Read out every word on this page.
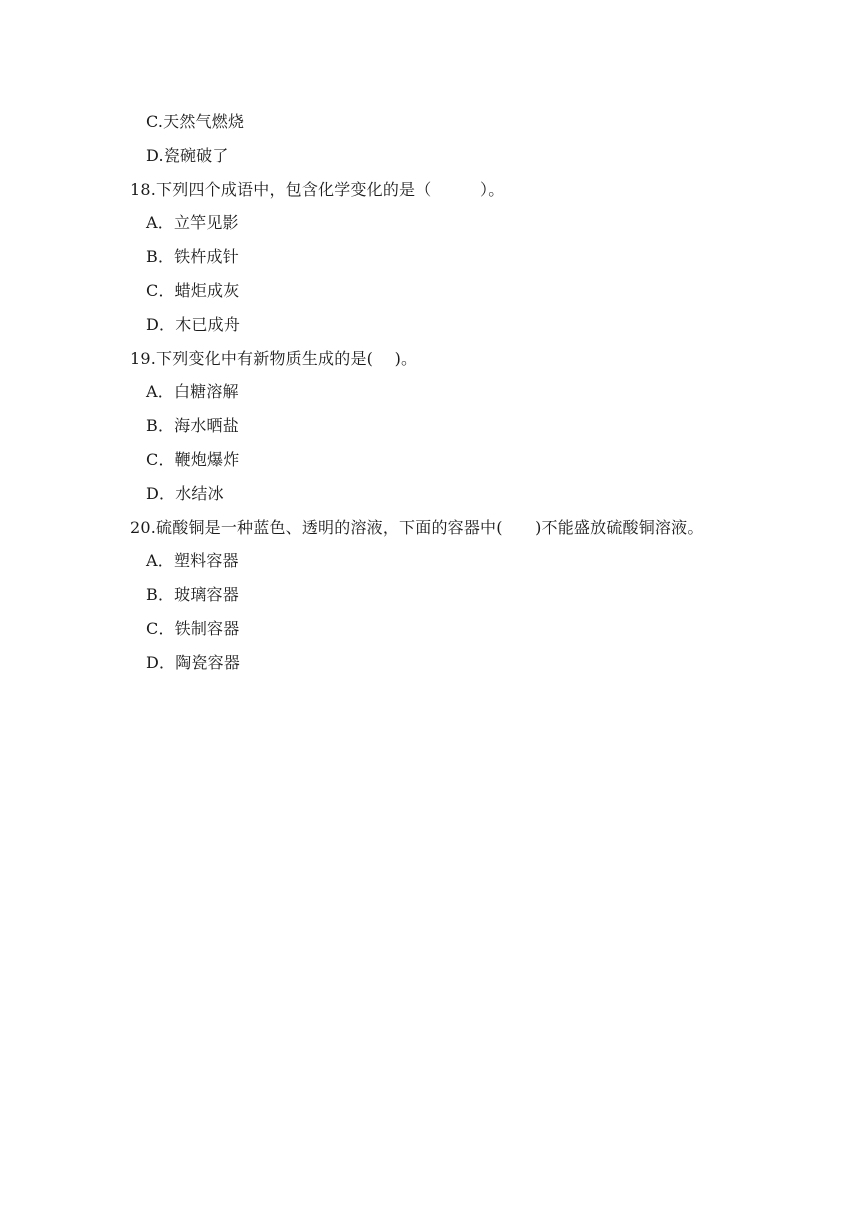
C.天然气燃烧
D.瓷碗破了
18.下列四个成语中，包含化学变化的是（　　　）。
A．立竿见影
B．铁杵成针
C．蜡炬成灰
D．木已成舟
19.下列变化中有新物质生成的是(　 )。
A．白糖溶解
B．海水晒盐
C．鞭炮爆炸
D．水结冰
20.硫酸铜是一种蓝色、透明的溶液，下面的容器中(　　)不能盛放硫酸铜溶液。
A．塑料容器
B．玻璃容器
C．铁制容器
D．陶瓷容器
